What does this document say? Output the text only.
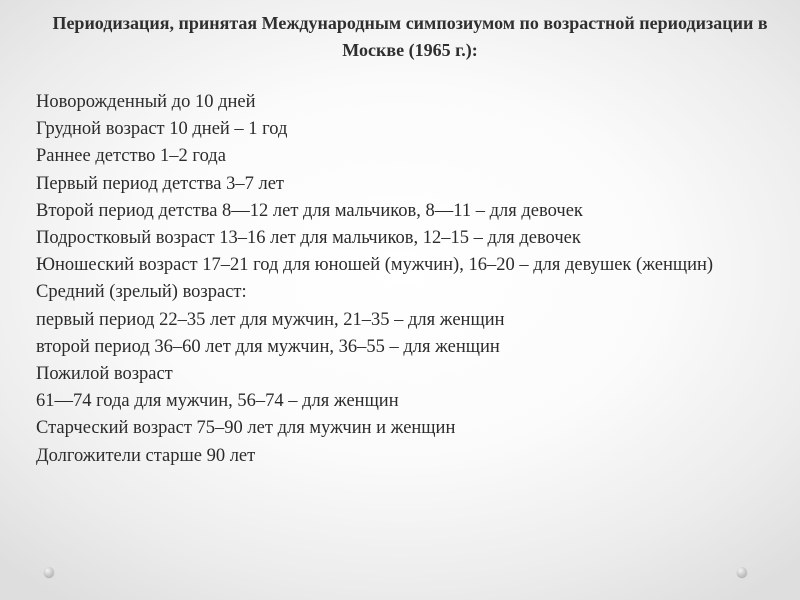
Периодизация, принятая Международным симпозиумом по возрастной периодизации в Москве (1965 г.):
Новорожденный до 10 дней
Грудной возраст 10 дней – 1 год
Раннее детство 1–2 года
Первый период детства 3–7 лет
Второй период детства 8—12 лет для мальчиков, 8—11 – для девочек
Подростковый возраст 13–16 лет для мальчиков, 12–15 – для девочек
Юношеский возраст 17–21 год для юношей (мужчин), 16–20 – для девушек (женщин)
Средний (зрелый) возраст:
первый период 22–35 лет для мужчин, 21–35 – для женщин
второй период 36–60 лет для мужчин, 36–55 – для женщин
Пожилой возраст
61—74 года для мужчин, 56–74 – для женщин
Старческий возраст 75–90 лет для мужчин и женщин
Долгожители старше 90 лет
